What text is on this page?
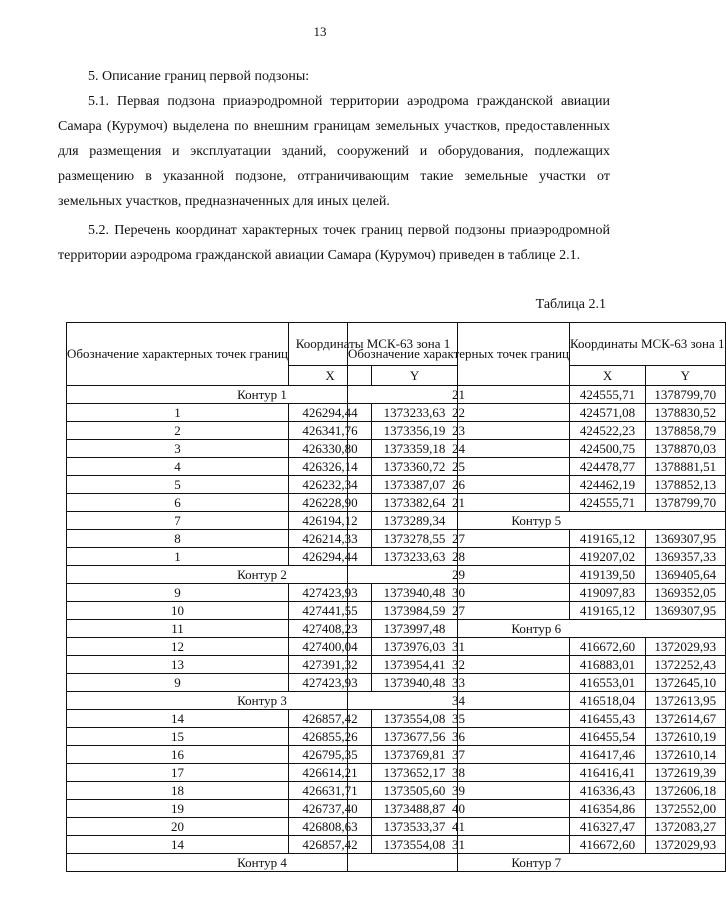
13
5. Описание границ первой подзоны:
5.1. Первая подзона приаэродромной территории аэродрома гражданской авиации Самара (Курумоч) выделена по внешним границам земельных участков, предоставленных для размещения и эксплуатации зданий, сооружений и оборудования, подлежащих размещению в указанной подзоне, отграничивающим такие земельные участки от земельных участков, предназначенных для иных целей.
5.2. Перечень координат характерных точек границ первой подзоны приаэродромной территории аэродрома гражданской авиации Самара (Курумоч) приведен в таблице 2.1.
Таблица 2.1
Обозначение характерных точек границ	Координаты МСК-63 зона 1	
	X	Y
Контур 1		
1	426294,44	1373233,63
2	426341,76	1373356,19
3	426330,80	1373359,18
4	426326,14	1373360,72
5	426232,34	1373387,07
6	426228,90	1373382,64
7	426194,12	1373289,34
8	426214,33	1373278,55
1	426294,44	1373233,63
Контур 2		
9	427423,93	1373940,48
10	427441,55	1373984,59
11	427408,23	1373997,48
12	427400,04	1373976,03
13	427391,32	1373954,41
9	427423,93	1373940,48
Контур 3		
14	426857,42	1373554,08
15	426855,26	1373677,56
16	426795,35	1373769,81
17	426614,21	1373652,17
18	426631,71	1373505,60
19	426737,40	1373488,87
20	426808,63	1373533,37
14	426857,42	1373554,08
Контур 4		
Обозначение характерных точек границ	Координаты МСК-63 зона 1	
	X	Y
21	424555,71	1378799,70
22	424571,08	1378830,52
23	424522,23	1378858,79
24	424500,75	1378870,03
25	424478,77	1378881,51
26	424462,19	1378852,13
21	424555,71	1378799,70
Контур 5		
27	419165,12	1369307,95
28	419207,02	1369357,33
29	419139,50	1369405,64
30	419097,83	1369352,05
27	419165,12	1369307,95
Контур 6		
31	416672,60	1372029,93
32	416883,01	1372252,43
33	416553,01	1372645,10
34	416518,04	1372613,95
35	416455,43	1372614,67
36	416455,54	1372610,19
37	416417,46	1372610,14
38	416416,41	1372619,39
39	416336,43	1372606,18
40	416354,86	1372552,00
41	416327,47	1372083,27
31	416672,60	1372029,93
Контур 7		
